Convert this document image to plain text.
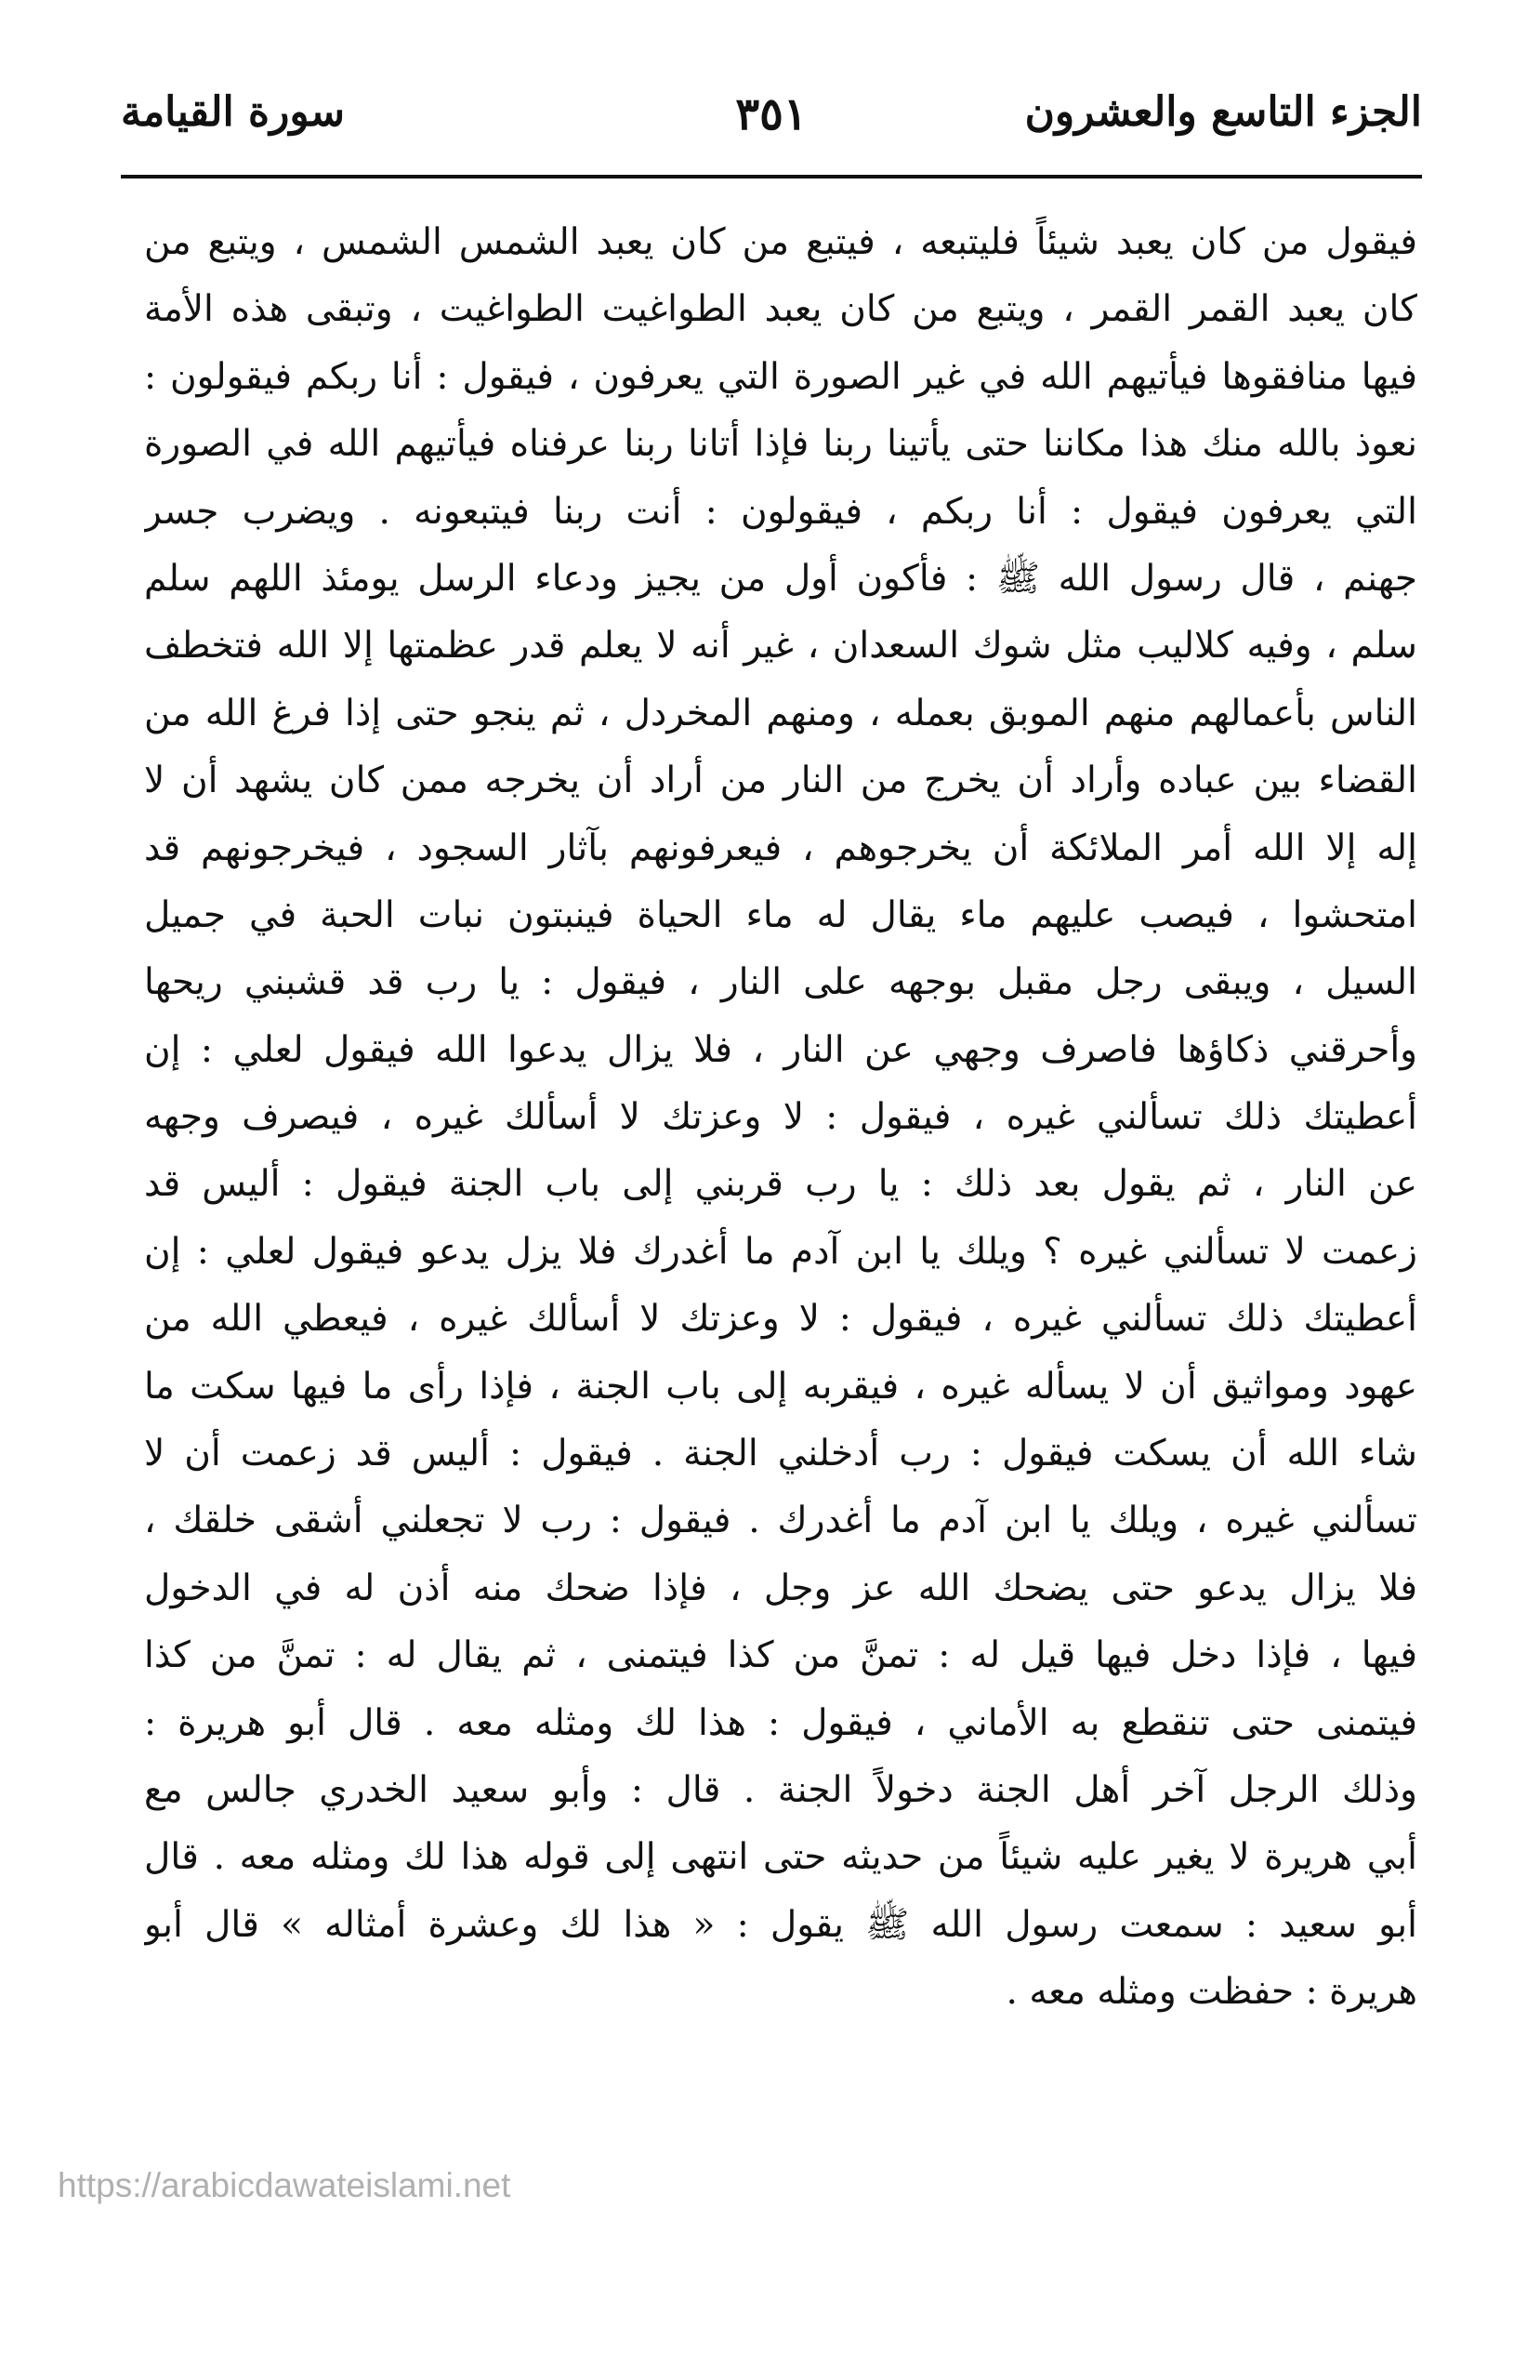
الجزء التاسع والعشرون
٣٥١
سورة القيامة
فيقول من كان يعبد شيئاً فليتبعه ، فيتبع من كان يعبد الشمس الشمس ، ويتبع من
كان يعبد القمر القمر ، ويتبع من كان يعبد الطواغيت الطواغيت ، وتبقى هذه الأمة
فيها منافقوها فيأتيهم الله في غير الصورة التي يعرفون ، فيقول : أنا ربكم فيقولون :
نعوذ بالله منك هذا مكاننا حتى يأتينا ربنا فإذا أتانا ربنا عرفناه فيأتيهم الله في الصورة
التي يعرفون فيقول : أنا ربكم ، فيقولون : أنت ربنا فيتبعونه . ويضرب جسر
جهنم ، قال رسول الله ﷺ : فأكون أول من يجيز ودعاء الرسل يومئذ اللهم سلم
سلم ، وفيه كلاليب مثل شوك السعدان ، غير أنه لا يعلم قدر عظمتها إلا الله فتخطف
الناس بأعمالهم منهم الموبق بعمله ، ومنهم المخردل ، ثم ينجو حتى إذا فرغ الله من
القضاء بين عباده وأراد أن يخرج من النار من أراد أن يخرجه ممن كان يشهد أن لا
إله إلا الله أمر الملائكة أن يخرجوهم ، فيعرفونهم بآثار السجود ، فيخرجونهم قد
امتحشوا ، فيصب عليهم ماء يقال له ماء الحياة فينبتون نبات الحبة في جميل
السيل ، ويبقى رجل مقبل بوجهه على النار ، فيقول : يا رب قد قشبني ريحها
وأحرقني ذكاؤها فاصرف وجهي عن النار ، فلا يزال يدعوا الله فيقول لعلي : إن
أعطيتك ذلك تسألني غيره ، فيقول : لا وعزتك لا أسألك غيره ، فيصرف وجهه
عن النار ، ثم يقول بعد ذلك : يا رب قربني إلى باب الجنة فيقول : أليس قد
زعمت لا تسألني غيره ؟ ويلك يا ابن آدم ما أغدرك فلا يزل يدعو فيقول لعلي : إن
أعطيتك ذلك تسألني غيره ، فيقول : لا وعزتك لا أسألك غيره ، فيعطي الله من
عهود ومواثيق أن لا يسأله غيره ، فيقربه إلى باب الجنة ، فإذا رأى ما فيها سكت ما
شاء الله أن يسكت فيقول : رب أدخلني الجنة . فيقول : أليس قد زعمت أن لا
تسألني غيره ، ويلك يا ابن آدم ما أغدرك . فيقول : رب لا تجعلني أشقى خلقك ،
فلا يزال يدعو حتى يضحك الله عز وجل ، فإذا ضحك منه أذن له في الدخول
فيها ، فإذا دخل فيها قيل له : تمنَّ من كذا فيتمنى ، ثم يقال له : تمنَّ من كذا
فيتمنى حتى تنقطع به الأماني ، فيقول : هذا لك ومثله معه . قال أبو هريرة :
وذلك الرجل آخر أهل الجنة دخولاً الجنة . قال : وأبو سعيد الخدري جالس مع
أبي هريرة لا يغير عليه شيئاً من حديثه حتى انتهى إلى قوله هذا لك ومثله معه . قال
أبو سعيد : سمعت رسول الله ﷺ يقول : « هذا لك وعشرة أمثاله » قال أبو
هريرة : حفظت ومثله معه .
https://arabicdawateislami.net
